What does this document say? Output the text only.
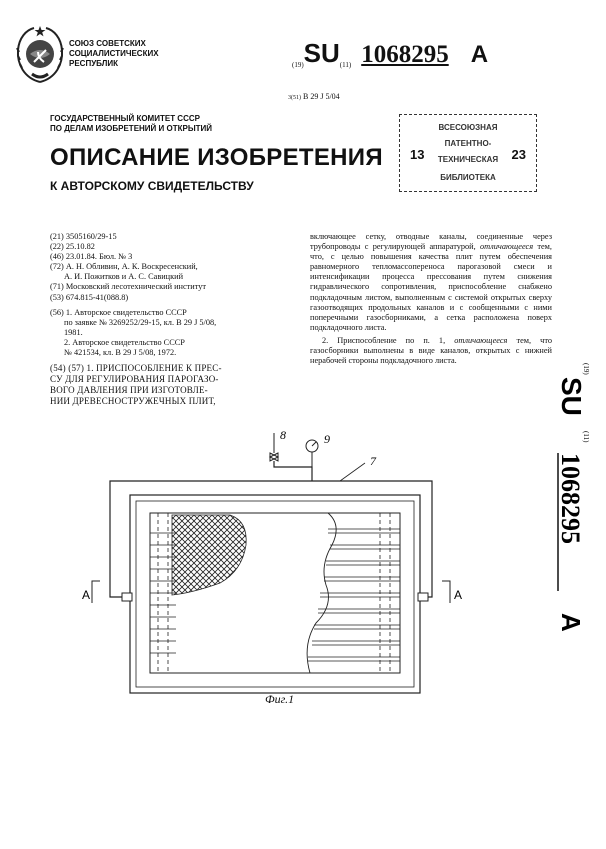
СОЮЗ СОВЕТСКИХ
СОЦИАЛИСТИЧЕСКИХ
РЕСПУБЛИК	(19)SU(11) 1068295 A
3(51) В 29 J 5/04
ГОСУДАРСТВЕННЫЙ КОМИТЕТ СССР
ПО ДЕЛАМ ИЗОБРЕТЕНИЙ И ОТКРЫТИЙ
ОПИСАНИЕ ИЗОБРЕТЕНИЯ
К АВТОРСКОМУ СВИДЕТЕЛЬСТВУ
ВСЕСОЮЗНАЯ
ПАТЕНТНО-
ТЕХНИЧЕСКАЯ
БИБЛИОТЕКА
13	23
(21) 3505160/29-15
(22) 25.10.82
(46) 23.01.84. Бюл. № 3
(72) А. Н. Обливин, А. К. Воскресенский,
А. И. Пожитков и А. С. Савицкий
(71) Московский лесотехнический институт
(53) 674.815-41(088.8)
(56) 1. Авторское свидетельство СССР
по заявке № 3269252/29-15, кл. В 29 J 5/08,
1981.
2. Авторское свидетельство СССР
№ 421534, кл. В 29 J 5/08, 1972.
(54) (57) 1. ПРИСПОСОБЛЕНИЕ К ПРЕС-
СУ ДЛЯ РЕГУЛИРОВАНИЯ ПАРОГАЗО-
ВОГО ДАВЛЕНИЯ ПРИ ИЗГОТОВЛЕ-
НИИ ДРЕВЕСНОСТРУЖЕЧНЫХ ПЛИТ,

включающее сетку, отводные каналы, соединенные через трубопроводы с регулирующей аппаратурой, отличающееся тем, что, с целью повышения качества плит путем обеспечения равномерного тепломассопереноса парогазовой смеси и интенсификации процесса прессования путем снижения гидравлического сопротивления, приспособление снабжено подкладочным листом, выполненным с системой открытых сверху газоотводящих продольных каналов и с сообщенными с ними поперечными газосборниками, а сетка расположена поверх подкладочного листа.

2. Приспособление по п. 1, отличающееся тем, что газосборники выполнены в виде каналов, открытых с нижней нерабочей стороны подкладочного листа.

(19)
SU
(11)
1068295
A
8	9
7
A	A
Фиг.1
